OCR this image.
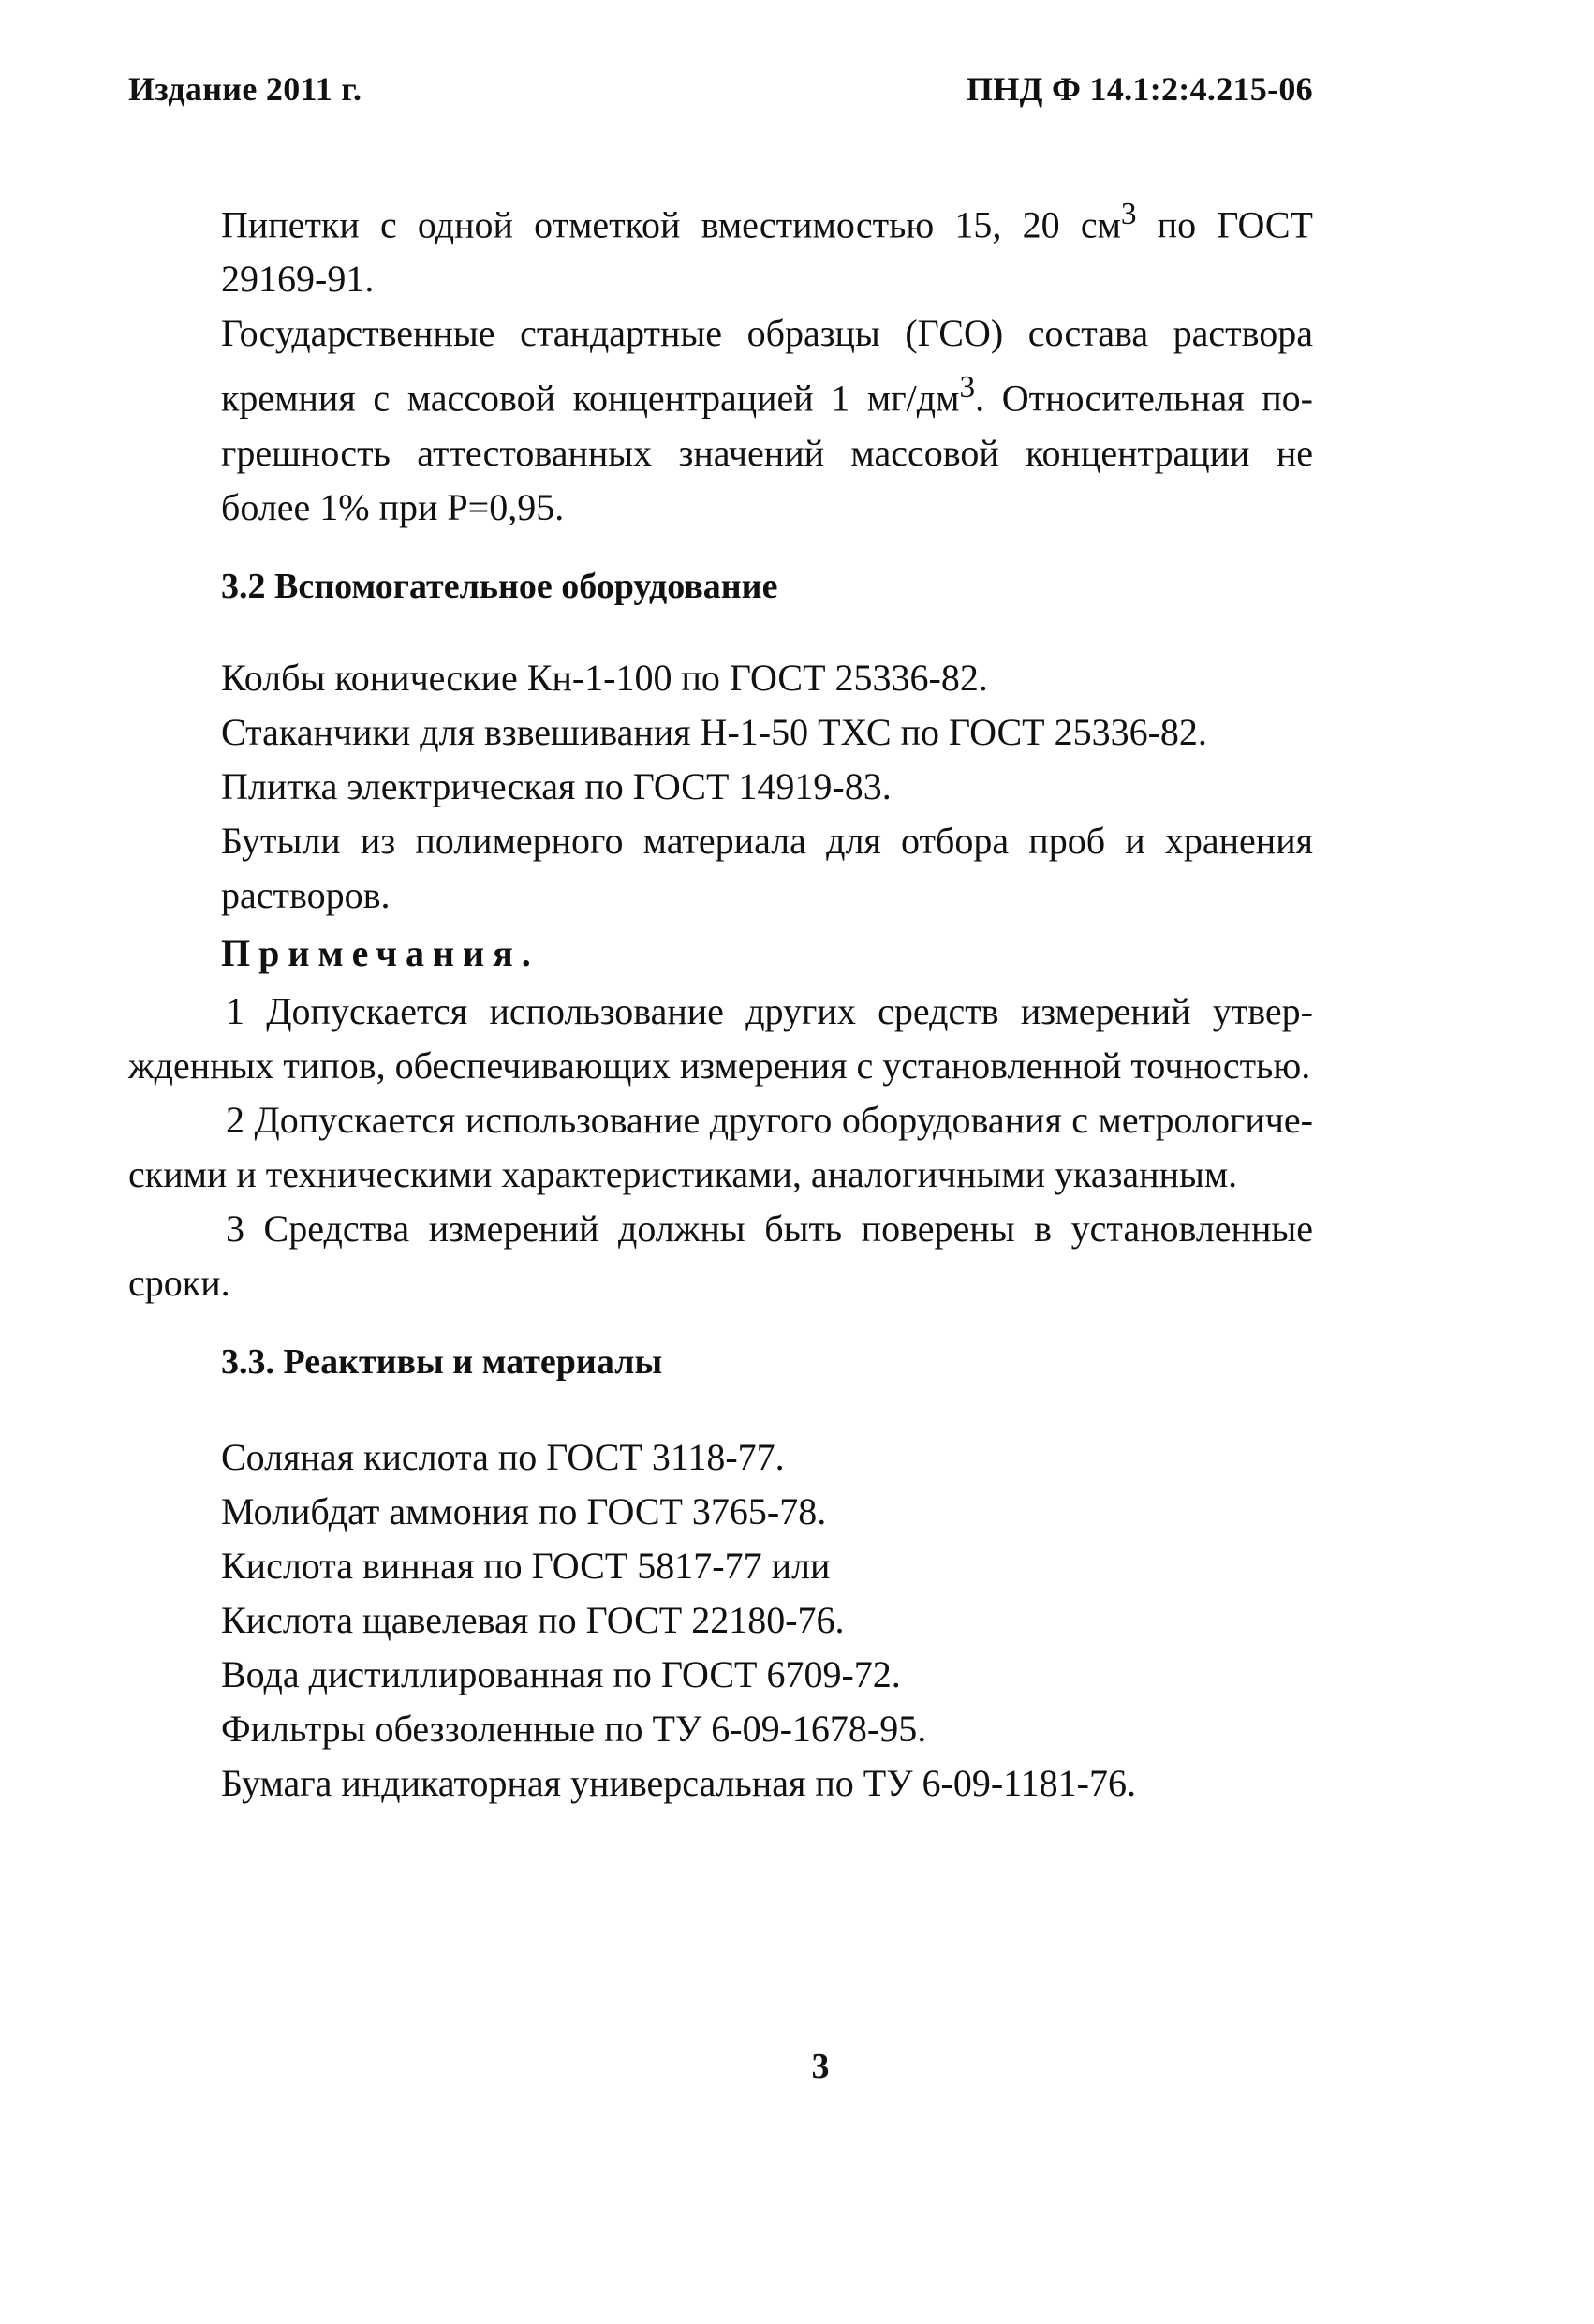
Издание 2011 г.	ПНД Ф 14.1:2:4.215-06

Пипетки с одной отметкой вместимостью 15, 20 $см^3$ по ГОСТ 29169-91.

Государственные стандартные образцы (ГСО) состава раствора кремния с массовой концентрацией 1 $мг/дм^3$. Относительная по-грешность аттестованных значений массовой концентрации не более 1% при Р=0,95.

3.2 Вспомогательное оборудование

Колбы конические Кн-1-100 по ГОСТ 25336-82.

Стаканчики для взвешивания Н-1-50 ТХС по ГОСТ 25336-82.

Плитка электрическая по ГОСТ 14919-83.

Бутыли из полимерного материала для отбора проб и хранения растворов.

Примечания.

1 Допускается использование других средств измерений утвер-жденных типов, обеспечивающих измерения с установленной точностью.

2 Допускается использование другого оборудования с метрологиче-скими и техническими характеристиками, аналогичными указанным.

3 Средства измерений должны быть поверены в установленные сроки.

3.3. Реактивы и материалы

Соляная кислота по ГОСТ 3118-77.

Молибдат аммония по ГОСТ 3765-78.

Кислота винная по ГОСТ 5817-77 или

Кислота щавелевая по ГОСТ 22180-76.

Вода дистиллированная по ГОСТ 6709-72.

Фильтры обеззоленные по ТУ 6-09-1678-95.

Бумага индикаторная универсальная по ТУ 6-09-1181-76.

3
